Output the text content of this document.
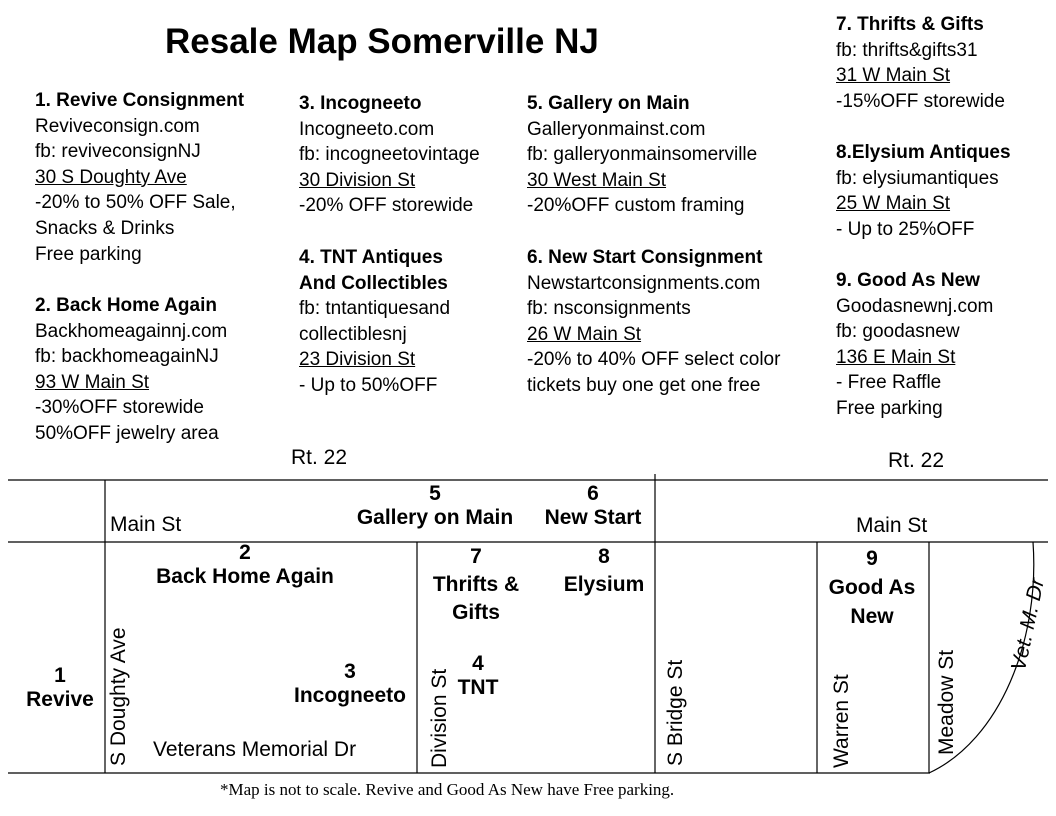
Resale Map Somerville NJ
1. Revive Consignment
Reviveconsign.com
fb: reviveconsignNJ
30 S Doughty Ave
-20% to 50% OFF Sale,
Snacks & Drinks
Free parking
2. Back Home Again
Backhomeagainnj.com
fb: backhomeagainNJ
93 W Main St
-30%OFF storewide
50%OFF jewelry area
3. Incogneeto
Incogneeto.com
fb: incogneetovintage
30 Division St
-20% OFF storewide
4. TNT Antiques
And Collectibles
fb: tntantiquesand
collectiblesnj
23 Division St
- Up to 50%OFF
5. Gallery on Main
Galleryonmainst.com
fb: galleryonmainsomerville
30 West Main St
-20%OFF custom framing
6. New Start Consignment
Newstartconsignments.com
fb: nsconsignments
26 W Main St
-20% to 40% OFF select color
tickets buy one get one free
7. Thrifts & Gifts
fb: thrifts&gifts31
31 W Main St
-15%OFF storewide
8.Elysium Antiques
fb: elysiumantiques
25 W Main St
- Up to 25%OFF
9. Good As New
Goodasnewnj.com
fb: goodasnew
136 E Main St
- Free Raffle
Free parking
Rt. 22	Rt. 22
Main St	Main St
Veterans Memorial Dr
S Doughty Ave	Division St	S Bridge St	Warren St	Meadow St
Vet. M. Dr
1
Revive
2
Back Home Again
3
Incogneeto
4
TNT
5
Gallery on Main
6
New Start
7
Thrifts &
Gifts
8
Elysium
9
Good As
New
*Map is not to scale. Revive and Good As New have Free parking.
